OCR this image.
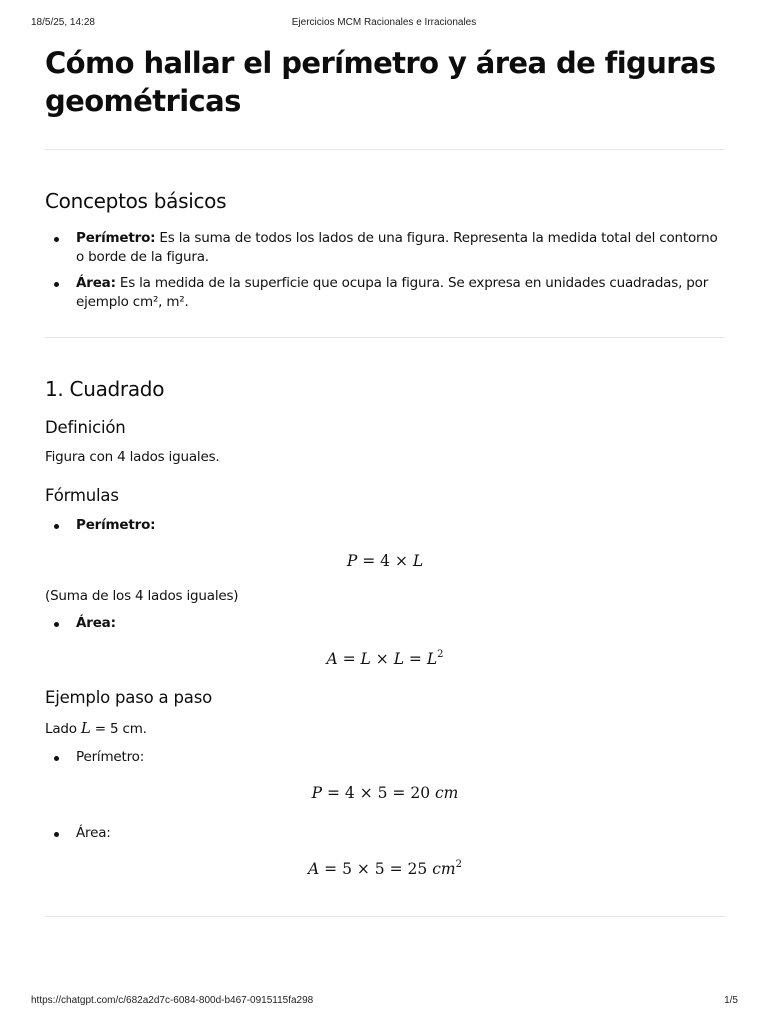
18/5/25, 14:28	Ejercicios MCM Racionales e Irracionales
Cómo hallar el perímetro y área de figuras geométricas
Conceptos básicos
Perímetro: Es la suma de todos los lados de una figura. Representa la medida total del contorno o borde de la figura.
Área: Es la medida de la superficie que ocupa la figura. Se expresa en unidades cuadradas, por ejemplo cm², m².
1. Cuadrado
Definición

Figura con 4 lados iguales.

Fórmulas
Perímetro:
P = 4 × L

(Suma de los 4 lados iguales)

Área:
$A = L \times L = L^2$
Ejemplo paso a paso

Lado L = 5 cm.

Perímetro:
P = 4 × 5 = 20 cm
Área:
A = 5 × 5 = 25 $cm^2$
https://chatgpt.com/c/682a2d7c-6084-800d-b467-0915115fa298	1/5
